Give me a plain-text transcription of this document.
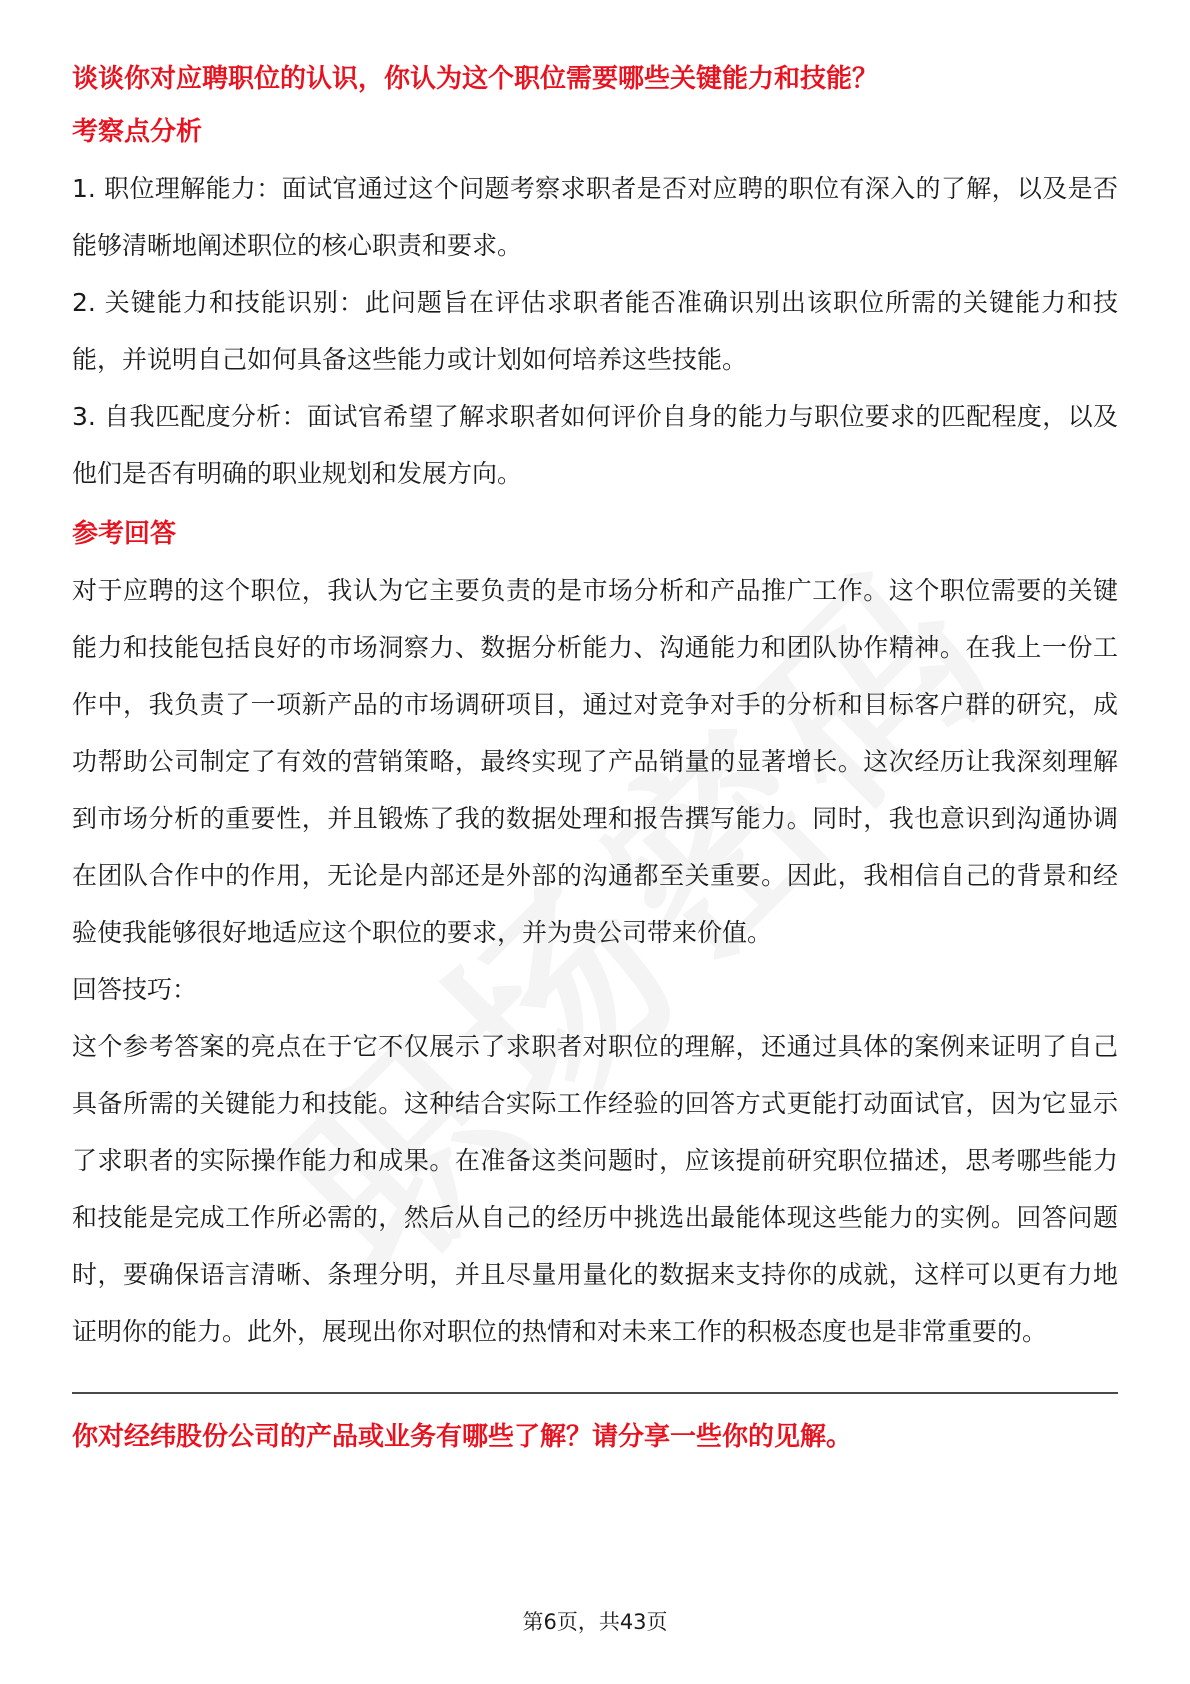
谈谈你对应聘职位的认识，你认为这个职位需要哪些关键能力和技能？
考察点分析

1. 职位理解能力：面试官通过这个问题考察求职者是否对应聘的职位有深入的了解，以及是否能够清晰地阐述职位的核心职责和要求。

2. 关键能力和技能识别：此问题旨在评估求职者能否准确识别出该职位所需的关键能力和技能，并说明自己如何具备这些能力或计划如何培养这些技能。

3. 自我匹配度分析：面试官希望了解求职者如何评价自身的能力与职位要求的匹配程度，以及他们是否有明确的职业规划和发展方向。

参考回答

对于应聘的这个职位，我认为它主要负责的是市场分析和产品推广工作。这个职位需要的关键能力和技能包括良好的市场洞察力、数据分析能力、沟通能力和团队协作精神。在我上一份工作中，我负责了一项新产品的市场调研项目，通过对竞争对手的分析和目标客户群的研究，成功帮助公司制定了有效的营销策略，最终实现了产品销量的显著增长。这次经历让我深刻理解到市场分析的重要性，并且锻炼了我的数据处理和报告撰写能力。同时，我也意识到沟通协调在团队合作中的作用，无论是内部还是外部的沟通都至关重要。因此，我相信自己的背景和经验使我能够很好地适应这个职位的要求，并为贵公司带来价值。

回答技巧：

这个参考答案的亮点在于它不仅展示了求职者对职位的理解，还通过具体的案例来证明了自己具备所需的关键能力和技能。这种结合实际工作经验的回答方式更能打动面试官，因为它显示了求职者的实际操作能力和成果。在准备这类问题时，应该提前研究职位描述，思考哪些能力和技能是完成工作所必需的，然后从自己的经历中挑选出最能体现这些能力的实例。回答问题时，要确保语言清晰、条理分明，并且尽量用量化的数据来支持你的成就，这样可以更有力地证明你的能力。此外，展现出你对职位的热情和对未来工作的积极态度也是非常重要的。

你对经纬股份公司的产品或业务有哪些了解？请分享一些你的见解。
第6页，共43页
